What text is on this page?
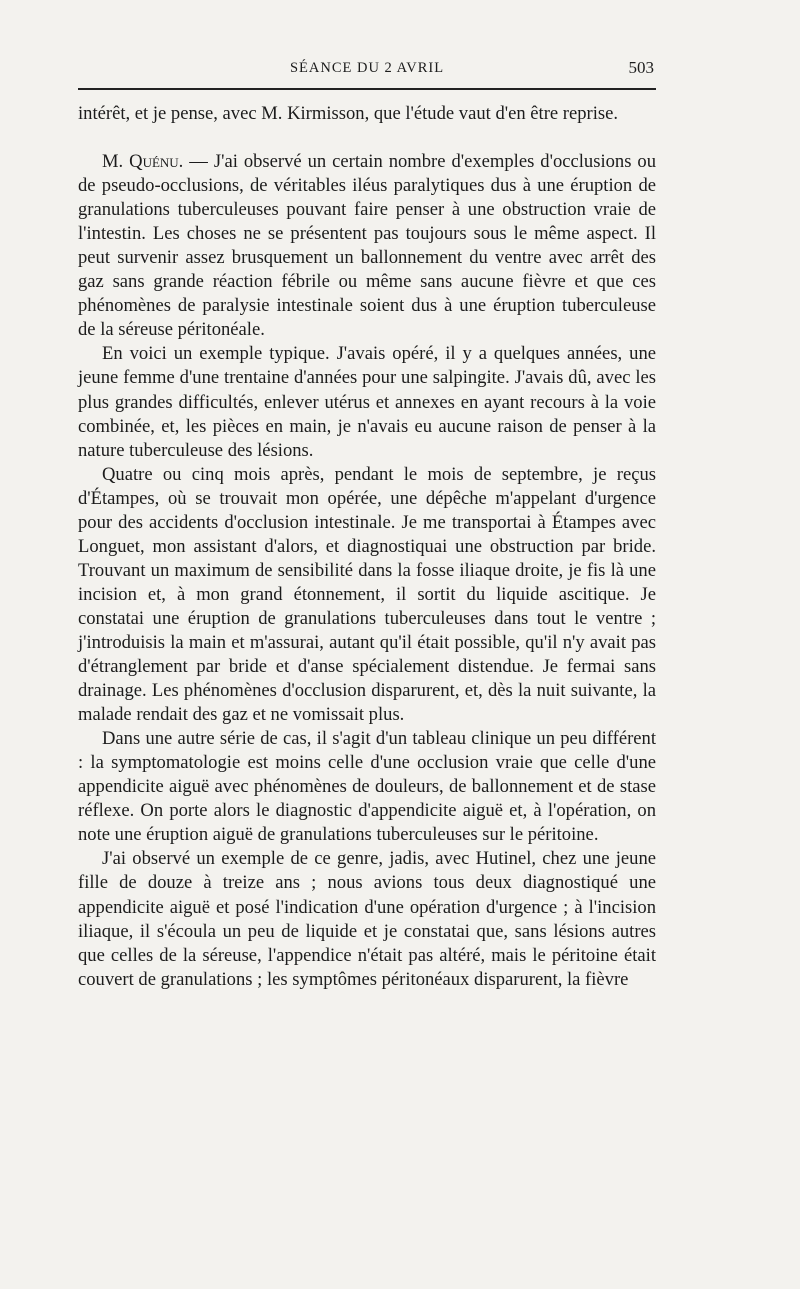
SÉANCE DU 2 AVRIL	503

intérêt, et je pense, avec M. Kirmisson, que l'étude vaut d'en être reprise.

M. Quénu. — J'ai observé un certain nombre d'exemples d'occlusions ou de pseudo-occlusions, de véritables iléus paralytiques dus à une éruption de granulations tuberculeuses pouvant faire penser à une obstruction vraie de l'intestin. Les choses ne se présentent pas toujours sous le même aspect. Il peut survenir assez brusquement un ballonnement du ventre avec arrêt des gaz sans grande réaction fébrile ou même sans aucune fièvre et que ces phénomènes de paralysie intestinale soient dus à une éruption tuberculeuse de la séreuse péritonéale.

En voici un exemple typique. J'avais opéré, il y a quelques années, une jeune femme d'une trentaine d'années pour une salpingite. J'avais dû, avec les plus grandes difficultés, enlever utérus et annexes en ayant recours à la voie combinée, et, les pièces en main, je n'avais eu aucune raison de penser à la nature tuberculeuse des lésions.

Quatre ou cinq mois après, pendant le mois de septembre, je reçus d'Étampes, où se trouvait mon opérée, une dépêche m'appelant d'urgence pour des accidents d'occlusion intestinale. Je me transportai à Étampes avec Longuet, mon assistant d'alors, et diagnostiquai une obstruction par bride. Trouvant un maximum de sensibilité dans la fosse iliaque droite, je fis là une incision et, à mon grand étonnement, il sortit du liquide ascitique. Je constatai une éruption de granulations tuberculeuses dans tout le ventre ; j'introduisis la main et m'assurai, autant qu'il était possible, qu'il n'y avait pas d'étranglement par bride et d'anse spécialement distendue. Je fermai sans drainage. Les phénomènes d'occlusion disparurent, et, dès la nuit suivante, la malade rendait des gaz et ne vomissait plus.

Dans une autre série de cas, il s'agit d'un tableau clinique un peu différent : la symptomatologie est moins celle d'une occlusion vraie que celle d'une appendicite aiguë avec phénomènes de douleurs, de ballonnement et de stase réflexe. On porte alors le diagnostic d'appendicite aiguë et, à l'opération, on note une éruption aiguë de granulations tuberculeuses sur le péritoine.

J'ai observé un exemple de ce genre, jadis, avec Hutinel, chez une jeune fille de douze à treize ans ; nous avions tous deux diagnostiqué une appendicite aiguë et posé l'indication d'une opération d'urgence ; à l'incision iliaque, il s'écoula un peu de liquide et je constatai que, sans lésions autres que celles de la séreuse, l'appendice n'était pas altéré, mais le péritoine était couvert de granulations ; les symptômes péritonéaux disparurent, la fièvre
